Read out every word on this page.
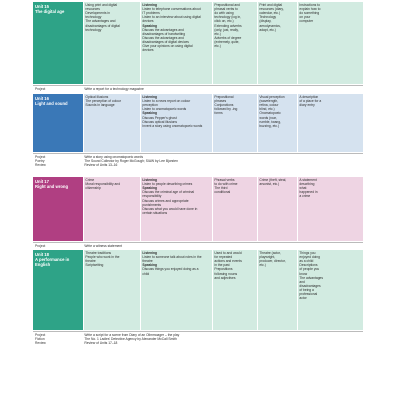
Unit 15
The digital age
Using print and digital
resources
Developments in
technology
The advantages and
disadvantages of digital
technology
Listening
Listen to telephone conversations about
IT problems
Listen to an interview about using digital
devices
Speaking
Discuss the advantages and
disadvantages of handwriting
Discuss the advantages and
disadvantages of digital devices
Give your opinions on using digital
devices
Prepositional and
phrasal verbs to
do with using
technology (log in,
click on, etc.)
Extending adverbs
(only, just, really,
etc.)
Adverbs of degree
(extremely, quite,
etc.)
Print and digital
resources (diary,
calendar, etc.)
Technology
(display,
aerodynamics,
adapt, etc.)
Instructions to
explain how to
do something
on your
computer
Project	Write a report for a technology magazine
Unit 16
Light and sound
Optical illusions
The perception of colour
Sounds in language
Listening
Listen to a news report on colour
perception
Listen to onomatopoeic words
Speaking
Discuss Pepper's ghost
Discuss optical illusions
Invent a story using onomatopoeic words
Prepositional
phrases
Conjunctions
followed by -ing
forms
Visual perception
(wavelength,
retina, colour
blind, etc.)
Onomatopoeic
words (roar,
rumble, twang,
buzzing, etc.)
A description
of a place for a
diary entry
Project
Poetry
Review
Write a story using onomatopoeic words
The Sound Collector by Roger McGough; SIAW by Lee Bjorsten
Review of Units 13–16
Unit 17
Right and wrong
Crime
Moral responsibility and
citizenship
Listening
Listen to people describing crimes
Speaking
Discuss the criminal age of criminal
responsibility
Discuss crimes and appropriate
punishments
Discuss what you would have done in
certain situations
Phrasal verbs
to do with crime
The third
conditional
Crime (theft, steal,
arsonist, etc.)
A statement
describing
what
happened in
a crime
Project	Write a witness statement
Unit 18
A performance in English
Theatre traditions
People who work in the
theatre
Scriptwriting
Listening
Listen to someone talk about roles in the
theatre
Speaking
Discuss things you enjoyed doing as a
child
Used to and would
for repeated
actions and events
in the past
Prepositions
following nouns
and adjectives
Theatre (actor,
playwright,
producer, director,
etc.)
Things you
enjoyed doing
as a child
Descriptions
of people you
know
The advantages
and
disadvantages
of being a
professional
actor
Project
Fiction
Review
Write a script for a scene from Diary of an Olimmoager – the play
The No. 1 Ladies' Detective Agency by Alexander McCall Smith
Review of Units 17–18
